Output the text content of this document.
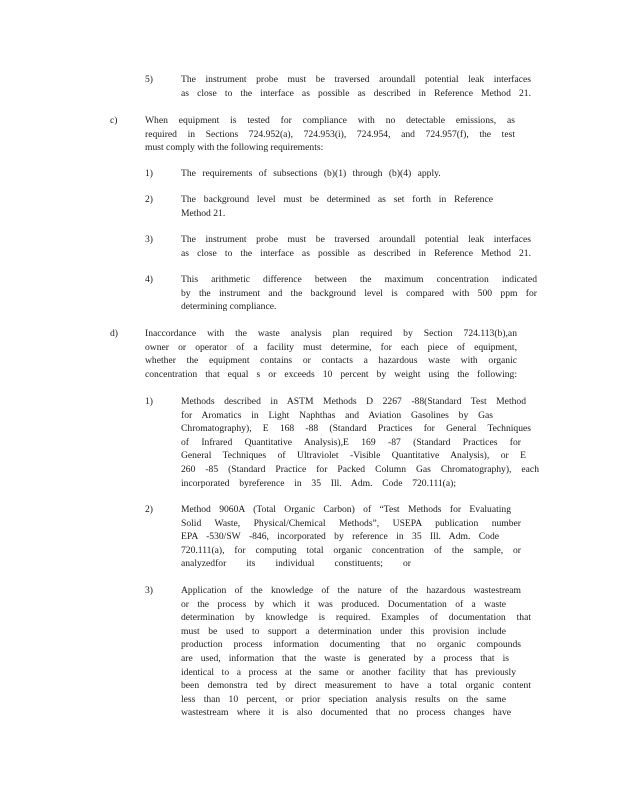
5)	The instrument probe must be traversed aroundall potential leak interfaces
as close to the interface as possible as described in Reference Method 21.
c)	When equipment is tested for compliance with no detectable emissions, as
required in Sections 724.952(a), 724.953(i), 724.954, and 724.957(f), the test
must comply with the following requirements:
1)	The requirements of subsections (b)(1) through (b)(4) apply.
2)	The background level must be determined as set forth in Reference
Method 21.
3)	The instrument probe must be traversed aroundall potential leak interfaces
as close to the interface as possible as described in Reference Method 21.
4)	This arithmetic difference between the maximum concentration indicated
by the instrument and the background level is compared with 500 ppm for
determining compliance.
d)	Inaccordance with the waste analysis plan required by Section 724.113(b),an
owner or operator of a facility must determine, for each piece of equipment,
whether the equipment contains or contacts a hazardous waste with organic
concentration that equal s or exceeds 10 percent by weight using the following:
1)	Methods described in ASTM Methods D 2267 -88(Standard Test Method
for Aromatics in Light Naphthas and Aviation Gasolines by Gas
Chromatography), E 168 -88 (Standard Practices for General Techniques
of Infrared Quantitative Analysis),E 169 -87 (Standard Practices for
General Techniques of Ultraviolet -Visible Quantitative Analysis), or E
260 -85 (Standard Practice for Packed Column Gas Chromatography), each
incorporated byreference in 35 Ill. Adm. Code 720.111(a);
2)	Method 9060A (Total Organic Carbon) of “Test Methods for Evaluating
Solid Waste, Physical/Chemical Methods”, USEPA publication number
EPA -530/SW -846, incorporated by reference in 35 Ill. Adm. Code
720.111(a), for computing total organic concentration of the sample, or
analyzedfor its individual constituents; or
3)	Application of the knowledge of the nature of the hazardous wastestream
or the process by which it was produced. Documentation of a waste
determination by knowledge is required. Examples of documentation that
must be used to support a determination under this provision include
production process information documenting that no organic compounds
are used, information that the waste is generated by a process that is
identical to a process at the same or another facility that has previously
been demonstra ted by direct measurement to have a total organic content
less than 10 percent, or prior speciation analysis results on the same
wastestream where it is also documented that no process changes have
